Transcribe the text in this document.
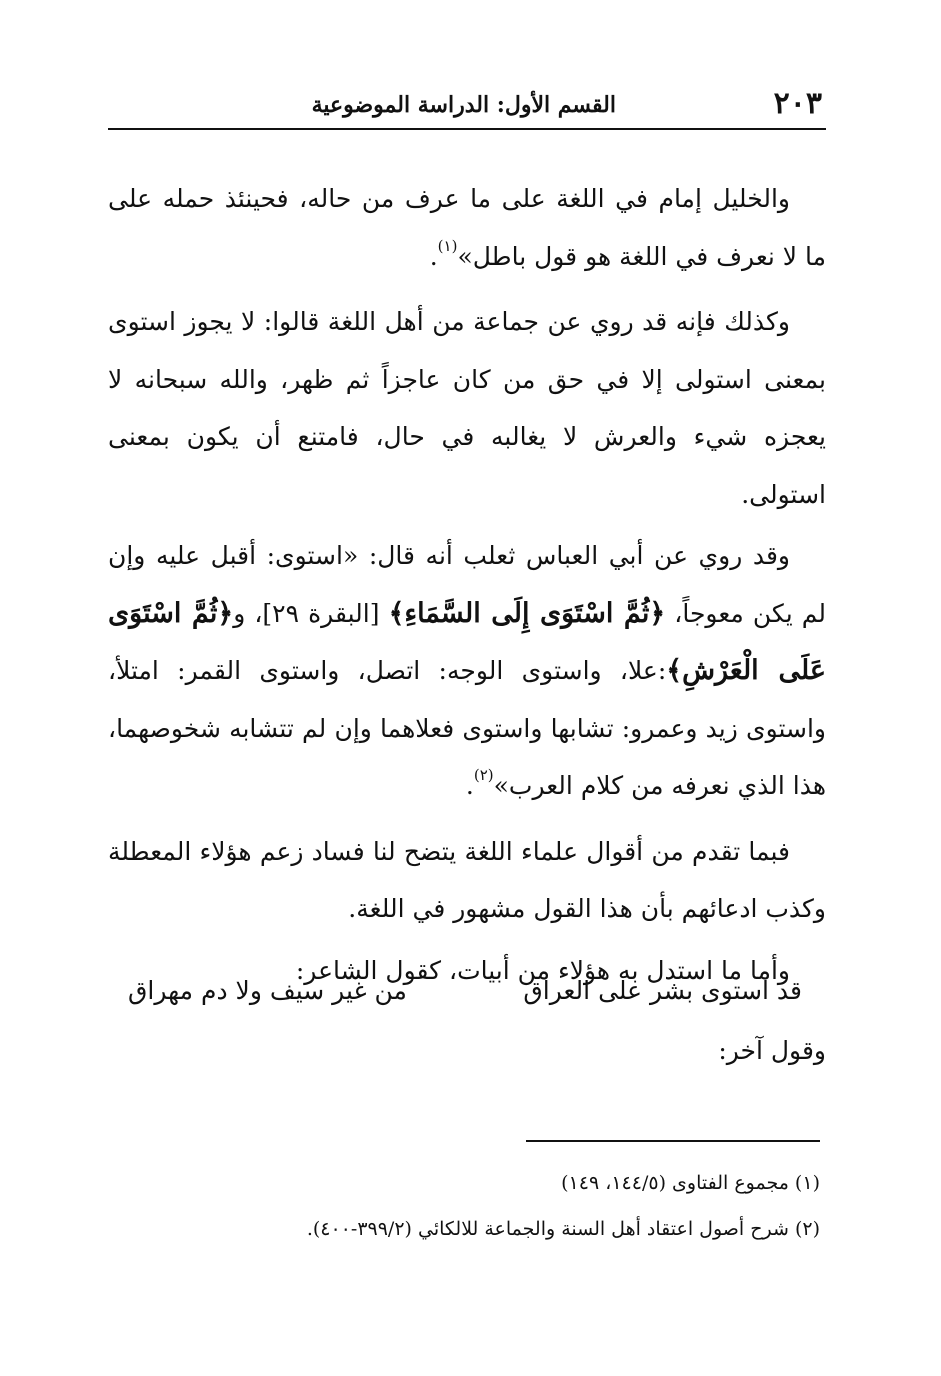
٢٠٣
القسم الأول: الدراسة الموضوعية

والخليل إمام في اللغة على ما عرف من حاله، فحينئذ حمله على ما لا نعرف في اللغة هو قول باطل»$^{(١)}$.

وكذلك فإنه قد روي عن جماعة من أهل اللغة قالوا: لا يجوز استوى بمعنى استولى إلا في حق من كان عاجزاً ثم ظهر، والله سبحانه لا يعجزه شيء والعرش لا يغالبه في حال، فامتنع أن يكون بمعنى استولى.

وقد روي عن أبي العباس ثعلب أنه قال: «استوى: أقبل عليه وإن لم يكن معوجاً، ﴿ثُمَّ اسْتَوَى إِلَى السَّمَاءِ﴾ [البقرة ٢٩]، و﴿ثُمَّ اسْتَوَى عَلَى الْعَرْشِ﴾:علا، واستوى الوجه: اتصل، واستوى القمر: امتلأ، واستوى زيد وعمرو: تشابها واستوى فعلاهما وإن لم تتشابه شخوصهما، هذا الذي نعرفه من كلام العرب»$^{(٢)}$.

فبما تقدم من أقوال علماء اللغة يتضح لنا فساد زعم هؤلاء المعطلة وكذب ادعائهم بأن هذا القول مشهور في اللغة.

وأما ما استدل به هؤلاء من أبيات، كقول الشاعر:

قد استوى بشر على العراق
من غير سيف ولا دم مهراق
وقول آخر:

(١) مجموع الفتاوى (١٤٤/٥، ١٤٩)

(٢) شرح أصول اعتقاد أهل السنة والجماعة للالكائي (٣٩٩/٢-٤٠٠).
